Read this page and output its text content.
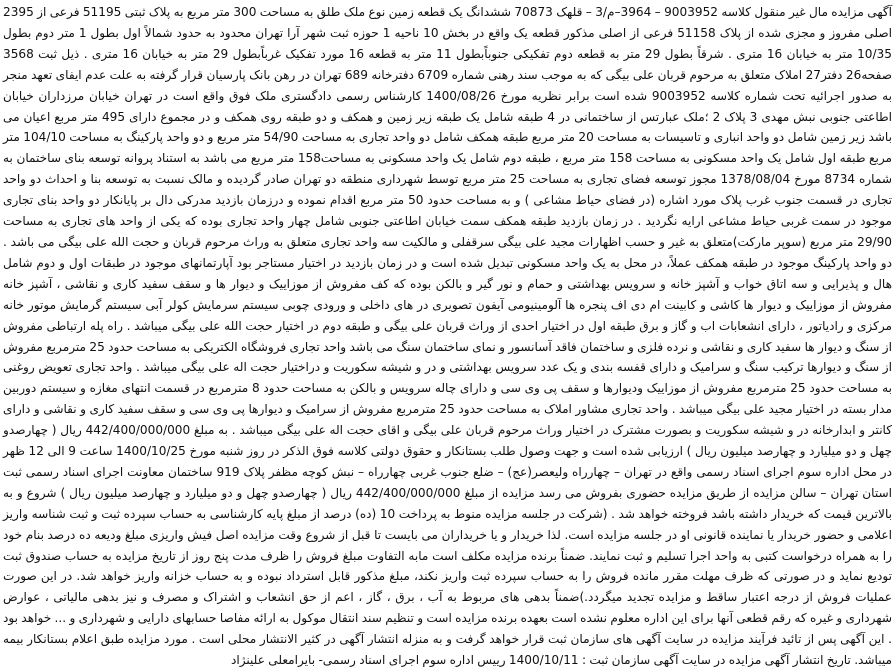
آگهی مزایده مال غیر منقول کلاسه 9003952 – 3964–م/3 – قلهک 70873 ششدانگ یک قطعه زمین نوع ملک طلق به مساحت 300 متر مربع به پلاک ثبتی 51195 فرعی از 2395 اصلی مفروز و مجزی شده از پلاک 51158 فرعی از اصلی مذکور قطعه یک واقع در بخش 10 ناحیه 1 حوزه ثبت شهر آرا تهران محدود به حدود شمالاً اول بطول 1 متر دوم بطول 10/35 متر به خیابان 16 متری . شرقاً بطول 29 متر به قطعه دوم تفکیکی جنوباًبطول 11 متر به قطعه 16 مورد تفکیک غرباًبطول 29 متر به خیابان 16 متری . ذیل ثبت 3568 صفحه26 دفتر27 املاک متعلق به مرحوم قربان علی بیگی که به موجب سند رهنی شماره 6709 دفترخانه 689 تهران در رهن بانک پارسیان قرار گرفته به علت عدم ایفای تعهد منجر به صدور اجرائیه تحت شماره کلاسه 9003952 شده است برابر نظریه مورخ 1400/08/26 کارشناس رسمی دادگستری ملک فوق واقع است در تهران خیابان مرزداران خیابان اطاعتی جنوبی نبش مهدی 3 پلاک 2 ؛ملک عبارتس از ساختمانی در 4 طبقه شامل یک طبقه زیر زمین و همکف و دو طبقه روی همکف و در مجموع دارای 495 متر مربع اعیان می باشد زیر زمین شامل دو واحد انباری و تاسیسات به مساحت 20 متر مربع طبقه همکف شامل دو واحد تجاری به مساحت 54/90 متر مربع و دو واحد پارکینگ به مساحت 104/10 متر مربع طبقه اول شامل یک واحد مسکونی به مساحت 158 متر مربع ، طبقه دوم شامل یک واحد مسکونی به مساحت158 متر مربع می باشد به استناد پروانه توسعه بنای ساختمان به شماره 8734 مورخ 1378/08/04 مجوز توسعه فضای تجاری به مساحت 25 متر مربع توسط شهرداری منطقه دو تهران صادر گردیده و مالک نسبت به توسعه بنا و احداث دو واحد تجاری در قسمت جنوب غرب پلاک مورد اشاره (در فضای حیاط مشاعی ) و به مساحت حدود 50 متر مربع اقدام نموده و درزمان بازدید مدرکی دال بر پایانکار دو واحد بنای تجاری موجود در سمت غربی حیاط مشاعی ارایه نگردید . در زمان بازدید طبقه همکف سمت خیابان اطاعتی جنوبی شامل چهار واحد تجاری بوده که یکی از واحد های تجاری به مساحت 29/90 متر مربع (سوپر مارکت)متعلق به غیر و حسب اظهارات مجید علی بیگی سرقفلی و مالکیت سه واحد تجاری متعلق به وراث مرحوم قربان و حجت الله علی بیگی می باشد . دو واحد پارکینگ موجود در طبقه همکف عملاً، در محل به یک واحد مسکونی تبدیل شده است و در زمان بازدید در اختیار مستاجر بود آپارتمانهای موجود در طبقات اول و دوم شامل هال و پذیرایی و سه اتاق خواب و آشپز خانه و سرویس بهداشتی و حمام و نور گیر و بالکن بوده که کف مفروش از موزاییک و دیوار ها و سقف سفید کاری و نقاشی ، آشپز خانه مفروش از موزاییک و دیوار ها کاشی و کابینت ام دی اف پنجره ها آلومینیومی آیفون تصویری در های داخلی و ورودی چوبی سیستم سرمایش کولر آبی سیستم گرمایش موتور خانه مرکزی و رادیاتور ، دارای انشعابات اب و گاز و برق طبقه اول در اختیار احدی از وراث قربان علی بیگی و طبقه دوم در اختیار حجت الله علی بیگی میباشد . راه پله ارتباطی مفروش از سنگ و دیوار ها سفید کاری و نقاشی و نرده فلزی و ساختمان فاقد آسانسور و نمای ساختمان سنگ می باشد واحد تجاری فروشگاه الکتریکی به مساحت حدود 25 مترمربع مفروش از سنگ و دیوارها ترکیب سنگ و سرامیک و دارای قفسه بندی و یک عدد سرویس بهداشتی و در و شیشه سکوریت و دراختیار حجت اله علی بیگی میباشد . واحد تجاری تعویض روغنی به مساحت حدود 25 مترمربع مفروش از موزاییک ودیوارها و سقف پی وی سی و دارای چاله سرویس و بالکن به مساحت حدود 8 مترمربع در قسمت انتهای مغازه و سیستم دوربین مدار بسته در اختیار مجید علی بیگی میباشد . واحد تجاری مشاور املاک به مساحت حدود 25 مترمربع مفروش از سرامیک و دیوارها پی وی سی و سقف سفید کاری و نقاشی و دارای کانتر و ابدارخانه در و شیشه سکوریت و بصورت مشترک در اختیار وراث مرحوم قربان علی بیگی و اقای حجت اله علی بیگی میباشد . به مبلغ 442/400/000/000 ریال ( چهارصدو چهل و دو میلیارد و چهارصد میلیون ریال ) ارزیابی شده است و جهت وصول طلب بستانکار و حقوق دولتی کلاسه فوق الذکر در روز شنبه مورخ 1400/10/25 ساعت 9 الی 12 ظهر در محل اداره سوم اجرای اسناد رسمی واقع در تهران – چهارراه ولیعصر(عج) – ضلع جنوب غربی چهارراه – نبش کوچه مظفر پلاک 919 ساختمان معاونت اجرای اسناد رسمی ثبت استان تهران – سالن مزایده از طریق مزایده حضوری بفروش می رسد مزایده از مبلغ 442/400/000/000 ریال ( چهارصدو چهل و دو میلیارد و چهارصد میلیون ریال ) شروع و به بالاترین قیمت که خریدار داشته باشد فروخته خواهد شد . (شرکت در جلسه مزایده منوط به پرداخت 10 (ده) درصد از مبلغ پایه کارشناسی به حساب سپرده ثبت و ثبت شناسه واریز اعلامی و حضور خریدار یا نماینده قانونی او در جلسه مزایده است. لذا خریدار و یا خریداران می بایست تا قبل از شروع وقت مزایده اصل فیش واریزی مبلغ ودیعه ده درصد بنام خود را به همراه درخواست کتبی به واحد اجرا تسلیم و ثبت نمایند. ضمناً برنده مزایده مکلف است مابه التفاوت مبلغ فروش را ظرف مدت پنج روز از تاریخ مزایده به حساب صندوق ثبت تودیع نماید و در صورتی که ظرف مهلت مقرر مانده فروش را به حساب سپرده ثبت واریز نکند، مبلغ مذکور قابل استرداد نبوده و به حساب خزانه واریز خواهد شد. در این صورت عملیات فروش از درجه اعتبار ساقط و مزایده تجدید میگردد.)ضمناً بدهی های مربوط به آب ، برق ، گاز ، اعم از حق انشعاب و اشتراک و مصرف و نیز بدهی مالیاتی ، عوارض شهرداری و غیره که رقم قطعی آنها برای این اداره معلوم نشده است بعهده برنده مزایده است و تنظیم سند انتقال موکول به ارائه مفاصا حسابهای دارایی و شهرداری و ... خواهد بود . این آگهی پس از تائید فرآیند مزایده در سایت آگهی های سازمان ثبت قرار خواهد گرفت و به منزله انتشار آگهی در کثیر الانتشار محلی است . مورد مزایده طبق اعلام بستانکار بیمه میباشد. تاریخ انتشار آگهی مزایده در سایت آگهی سازمان ثبت : 1400/10/11 رییس اداره سوم اجرای اسناد رسمی- بایرامعلی علینژاد
